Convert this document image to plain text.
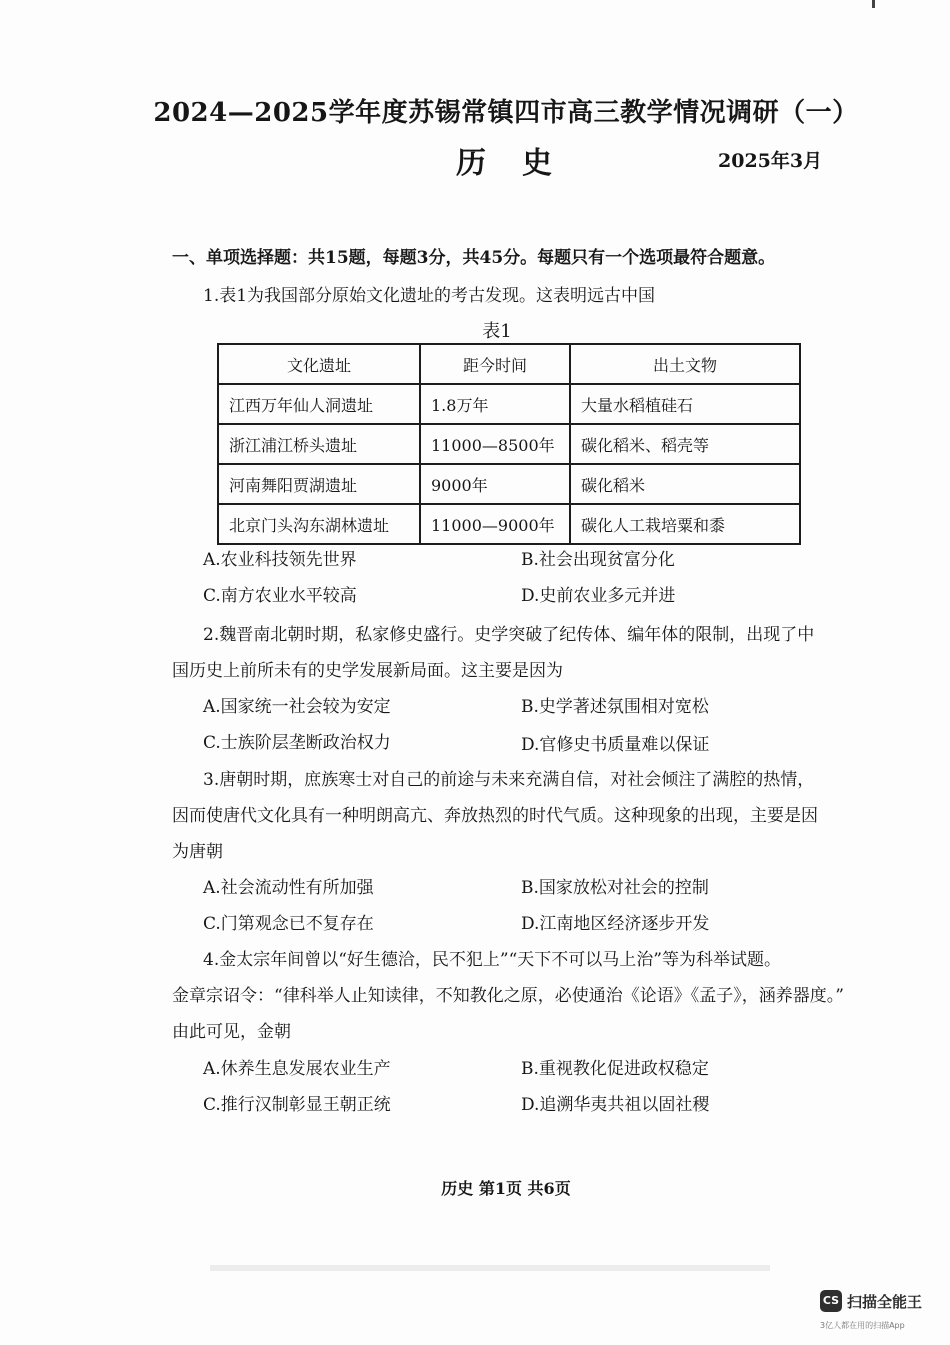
2024—2025学年度苏锡常镇四市高三教学情况调研（一）
历史	2025年3月
一、单项选择题：共15题，每题3分，共45分。每题只有一个选项最符合题意。
1.表1为我国部分原始文化遗址的考古发现。这表明远古中国
表1
文化遗址	距今时间	出土文物
江西万年仙人洞遗址	1.8万年	大量水稻植硅石
浙江浦江桥头遗址	11000—8500年	碳化稻米、稻壳等
河南舞阳贾湖遗址	9000年	碳化稻米
北京门头沟东湖林遗址	11000—9000年	碳化人工栽培粟和黍
A.农业科技领先世界	B.社会出现贫富分化
C.南方农业水平较高	D.史前农业多元并进
2.魏晋南北朝时期，私家修史盛行。史学突破了纪传体、编年体的限制，出现了中
国历史上前所未有的史学发展新局面。这主要是因为
A.国家统一社会较为安定	B.史学著述氛围相对宽松
C.士族阶层垄断政治权力	D.官修史书质量难以保证
3.唐朝时期，庶族寒士对自己的前途与未来充满自信，对社会倾注了满腔的热情，
因而使唐代文化具有一种明朗高亢、奔放热烈的时代气质。这种现象的出现，主要是因
为唐朝
A.社会流动性有所加强	B.国家放松对社会的控制
C.门第观念已不复存在	D.江南地区经济逐步开发
4.金太宗年间曾以“好生德洽，民不犯上”“天下不可以马上治”等为科举试题。
金章宗诏令：“律科举人止知读律，不知教化之原，必使通治《论语》《孟子》，涵养器度。”
由此可见，金朝
A.休养生息发展农业生产	B.重视教化促进政权稳定
C.推行汉制彰显王朝正统	D.追溯华夷共祖以固社稷
历史 第1页 共6页
CS 扫描全能王
3亿人都在用的扫描App
